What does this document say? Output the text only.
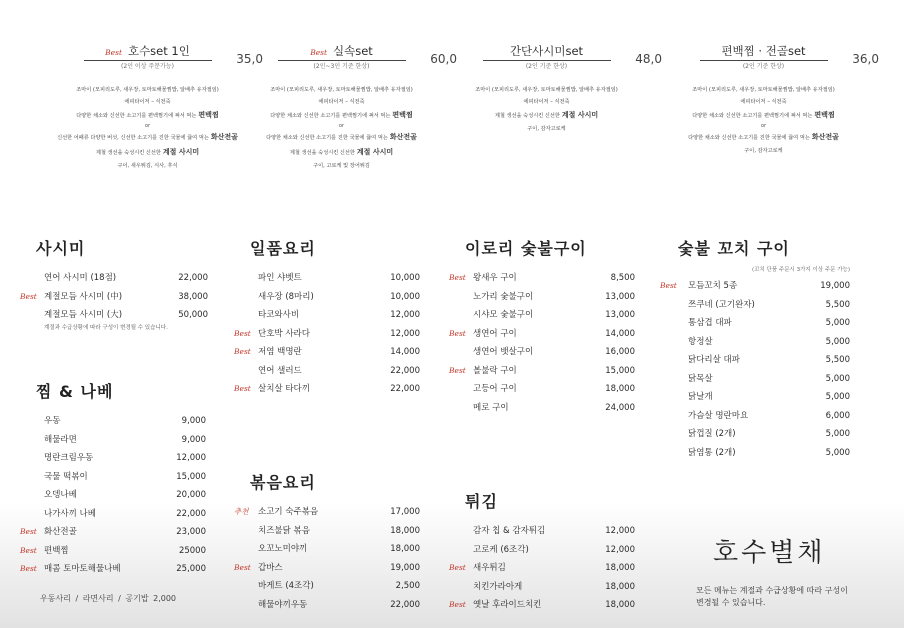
Best 호수set 1인
35,0
(2인 이상 주문가능)
조마이 (모피리도루, 새우장, 토마토해물찜밥, 알배추 유자절임)
에피타이저 – 식전죽
다양한 채소와 신선한 소고기를 편백찜기에 쪄서 먹는 편백찜
or
신선한 어패류 다양한 버섯, 신선한 소고기를 진한 국물에 끓여 먹는 화산전골
제철 생선을 숙성시킨 신선한 계절 사시미
구이, 새우튀김, 식사, 후식
Best 실속set
60,0
(2인~3인 기준 한상)
조마이 (모피리도루, 새우장, 토마토해물찜밥, 알배추 유자절임)
에피타이저 – 식전죽
다양한 채소와 신선한 소고기를 편백찜기에 쪄서 먹는 편백찜
or
다양한 채소와 신선한 소고기를 진한 국물에 끓여 먹는 화산전골
제철 생선을 숙성시킨 신선한 계절 사시미
구이, 고로케 및 장어튀김
간단사시미set
48,0
(2인 기준 한상)
조마이 (모피리도루, 새우장, 토마토해물찜밥, 알배추 유자절임)
에피타이저 – 식전죽
제철 생선을 숙성시킨 신선한 계절 사시미
구이, 감자고로케
편백찜 · 전골set
36,0
(2인 기준 한상)
조마이 (모피리도루, 새우장, 토마토해물찜밥, 알배추 유자절임)
에피타이저 – 식전죽
다양한 채소와 신선한 소고기를 편백찜기에 쪄서 먹는 편백찜
or
다양한 채소와 신선한 소고기를 진한 국물에 끓여 먹는 화산전골
구이, 감자고로케
사시미
연어 사시미 (18점)	22,000
Best 계절모듬 사시미 (中)	38,000
계절모듬 사시미 (大)	50,000
계절과 수급상황에 따라 구성이 변경될 수 있습니다.
찜 & 나베
우동	9,000
해물라면	9,000
명란크림우동	12,000
국물 떡볶이	15,000
오뎅나베	20,000
나가사끼 나베	22,000
Best 화산전골	23,000
Best 편백찜	25000
Best 매콤 토마토해물나베	25,000
우동사리 / 라면사리 / 공기밥 2,000
일품요리
파인 샤벳트	10,000
새우장 (8마리)	10,000
타코와사비	12,000
Best 단호박 사라다	12,000
Best 저염 백명란	14,000
연어 샐러드	22,000
Best 살치살 타다끼	22,000
볶음요리
추천 소고기 숙주볶음	17,000
치즈불닭 볶음	18,000
오꼬노미야끼	18,000
Best 갑바스	19,000
바게트 (4조각)	2,500
해물야끼우동	22,000
이로리 숯불구이
Best 왕새우 구이	8,500
노가리 숯불구이	13,000
시샤모 숯불구이	13,000
Best 생연어 구이	14,000
생연어 뱃살구이	16,000
Best 볼불락 구이	15,000
고등어 구이	18,000
메로 구이	24,000
튀김
감자 칩 & 감자튀김	12,000
고로케 (6조각)	12,000
Best 새우튀김	18,000
치킨가라아게	18,000
Best 옛날 후라이드치킨	18,000
숯불 꼬치 구이
(꼬치 단품 주문시 3가지 이상 주문 가능)
Best 모듬꼬치 5종	19,000
쯔쿠네 (고기완자)	5,500
통삼겹 대파	5,000
항정살	5,000
닭다리살 대파	5,500
닭목살	5,000
닭날개	5,000
가슴살 명란마요	6,000
닭껍질 (2개)	5,000
닭염통 (2개)	5,000
호수별채
모든 메뉴는 계절과 수급상황에 따라 구성이 변경될 수 있습니다.
